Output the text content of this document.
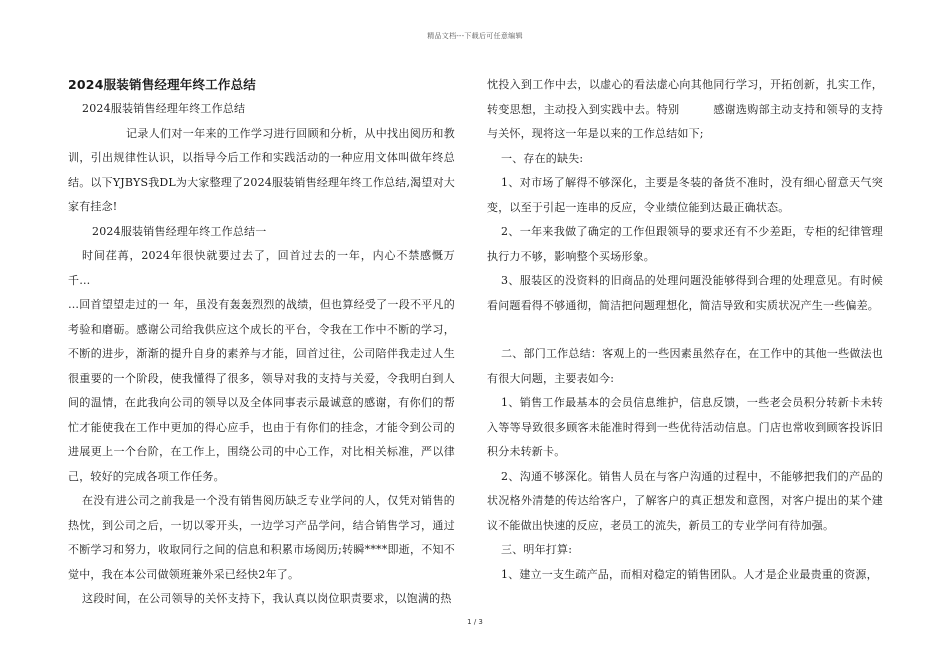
精品文档---下载后可任意编辑

2024服装销售经理年终工作总结

2024服装销售经理年终工作总结

记录人们对一年来的工作学习进行回顾和分析，从中找出阅历和教训，引出规律性认识，以指导今后工作和实践活动的一种应用文体叫做年终总结。以下YJBYS我DL为大家整理了2024服装销售经理年终工作总结,渴望对大家有挂念!

2024服装销售经理年终工作总结一

时间荏苒，2024年很快就要过去了，回首过去的一年，内心不禁感慨万千…

…回首望望走过的一 年，虽没有轰轰烈烈的战绩，但也算经受了一段不平凡的考验和磨砺。感谢公司给我供应这个成长的平台，令我在工作中不断的学习，不断的进步，渐渐的提升自身的素养与才能，回首过往，公司陪伴我走过人生很重要的一个阶段，使我懂得了很多，领导对我的支持与关爱，令我明白到人间的温情，在此我向公司的领导以及全体同事表示最诚意的感谢，有你们的帮忙才能使我在工作中更加的得心应手，也由于有你们的挂念，才能令到公司的进展更上一个台阶，在工作上，围绕公司的中心工作，对比相关标准，严以律己，较好的完成各项工作任务。

在没有进公司之前我是一个没有销售阅历缺乏专业学问的人，仅凭对销售的热忱，到公司之后，一切以零开头，一边学习产品学问，结合销售学习，通过不断学习和努力，收取同行之间的信息和积累市场阅历;转瞬****即逝，不知不觉中，我在本公司做领班兼外采已经快2年了。

这段时间，在公司领导的关怀支持下，我认真以岗位职责要求，以饱满的热

忱投入到工作中去，以虚心的看法虚心向其他同行学习，开拓创新，扎实工作，转变思想，主动投入到实践中去。特别　　　感谢选购部主动支持和领导的支持与关怀，现将这一年是以来的工作总结如下;

一、存在的缺失:

1、对市场了解得不够深化，主要是冬装的备货不准时，没有细心留意天气突变，以至于引起一连串的反应，令业绩位能到达最正确状态。

2、一年来我做了确定的工作但跟领导的要求还有不少差距，专柜的纪律管理执行力不够，影响整个买场形象。

3、服装区的没资料的旧商品的处理问题没能够得到合理的处理意见。有时候看问题看得不够通彻，简洁把问题理想化，简洁导致和实质状况产生一些偏差。

二、部门工作总结：客观上的一些因素虽然存在，在工作中的其他一些做法也有很大问题，主要表如今:

1、销售工作最基本的会员信息维护，信息反馈，一些老会员积分转新卡未转入等等导致很多顾客未能准时得到一些优待活动信息。门店也常收到顾客投诉旧积分未转新卡。

2、沟通不够深化。销售人员在与客户沟通的过程中，不能够把我们的产品的状况格外清楚的传达给客户，了解客户的真正想发和意图，对客户提出的某个建议不能做出快速的反应，老员工的流失，新员工的专业学问有待加强。

三、明年打算:

1、建立一支生疏产品，而相对稳定的销售团队。人才是企业最贵重的资源，

1 / 3
